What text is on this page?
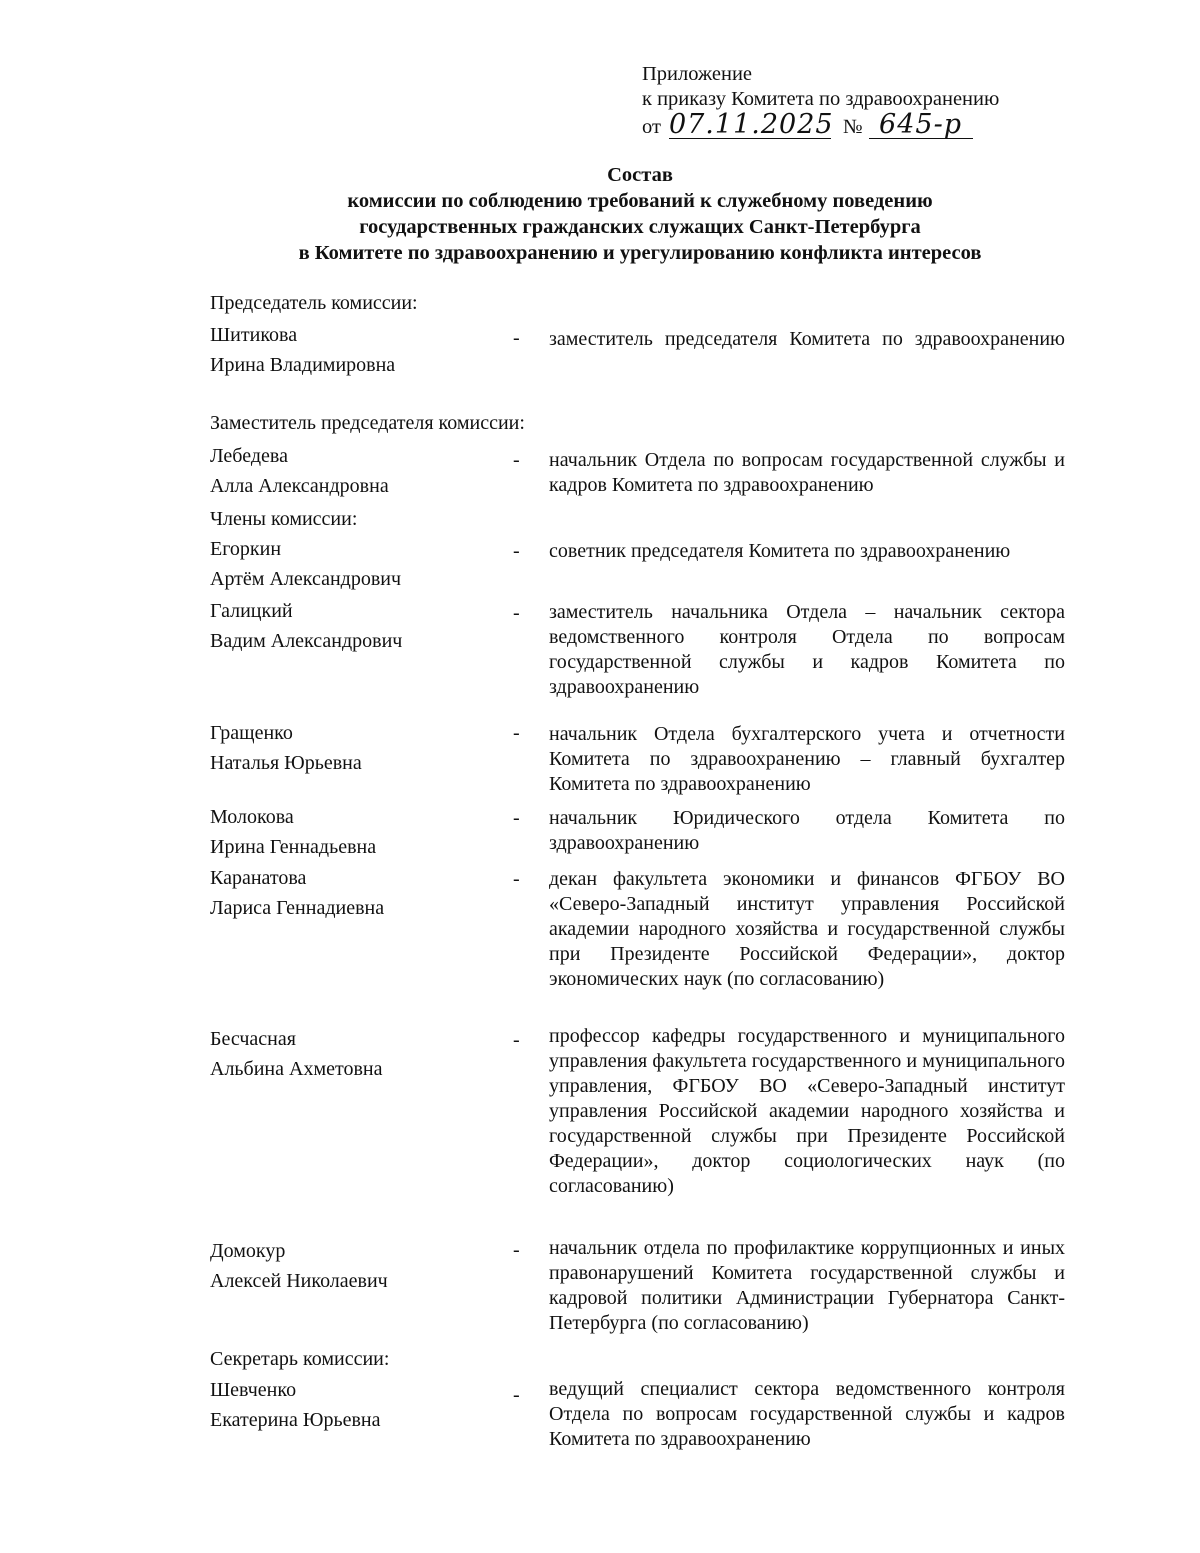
Приложение
к приказу Комитета по здравоохранению
от 07.11.2025 № 645-р
Состав
комиссии по соблюдению требований к служебному поведению
государственных гражданских служащих Санкт-Петербурга
в Комитете по здравоохранению и урегулированию конфликта интересов
Председатель комиссии:
Шитикова
Ирина Владимировна
- заместитель председателя Комитета по здравоохранению
Заместитель председателя комиссии:
Лебедева
Алла Александровна
- начальник Отдела по вопросам государственной службы и кадров Комитета по здравоохранению
Члены комиссии:
Егоркин
Артём Александрович
- советник председателя Комитета по здравоохранению
Галицкий
Вадим Александрович
- заместитель начальника Отдела – начальник сектора ведомственного контроля Отдела по вопросам государственной службы и кадров Комитета по здравоохранению
Гращенко
Наталья Юрьевна
- начальник Отдела бухгалтерского учета и отчетности Комитета по здравоохранению – главный бухгалтер Комитета по здравоохранению
Молокова
Ирина Геннадьевна
- начальник Юридического отдела Комитета по здравоохранению
Каранатова
Лариса Геннадиевна
- декан факультета экономики и финансов ФГБОУ ВО «Северо-Западный институт управления Российской академии народного хозяйства и государственной службы при Президенте Российской Федерации», доктор экономических наук (по согласованию)
Бесчасная
Альбина Ахметовна
- профессор кафедры государственного и муниципального управления факультета государственного и муниципального управления, ФГБОУ ВО «Северо-Западный институт управления Российской академии народного хозяйства и государственной службы при Президенте Российской Федерации», доктор социологических наук (по согласованию)
Домокур
Алексей Николаевич
- начальник отдела по профилактике коррупционных и иных правонарушений Комитета государственной службы и кадровой политики Администрации Губернатора Санкт-Петербурга (по согласованию)
Секретарь комиссии:
Шевченко
Екатерина Юрьевна
- ведущий специалист сектора ведомственного контроля Отдела по вопросам государственной службы и кадров Комитета по здравоохранению
